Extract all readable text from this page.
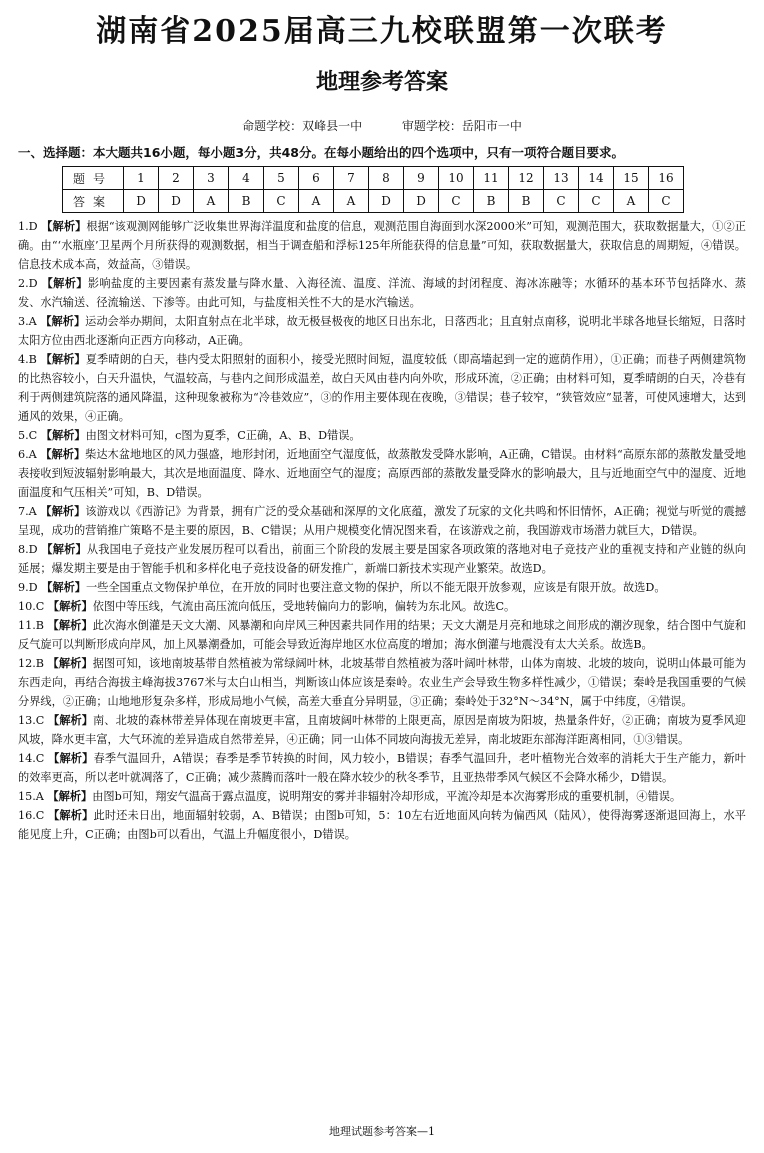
湖南省2025届高三九校联盟第一次联考
地理参考答案
命题学校：双峰县一中	审题学校：岳阳市一中
一、选择题：本大题共16小题，每小题3分，共48分。在每小题给出的四个选项中，只有一项符合题目要求。
题号	1	2	3	4	5	6	7	8	9	10	11	12	13	14	15	16
答案	D	D	A	B	C	A	A	D	D	C	B	B	C	C	A	C

1.D 【解析】根据“该观测网能够广泛收集世界海洋温度和盐度的信息，观测范围自海面到水深2000米”可知，观测范围大，获取数据量大，①②正确。由“‘水瓶座’卫星两个月所获得的观测数据，相当于调查船和浮标125年所能获得的信息量”可知，获取数据量大，获取信息的周期短，④错误。信息技术成本高，效益高，③错误。

2.D 【解析】影响盐度的主要因素有蒸发量与降水量、入海径流、温度、洋流、海域的封闭程度、海冰冻融等；水循环的基本环节包括降水、蒸发、水汽输送、径流输送、下渗等。由此可知，与盐度相关性不大的是水汽输送。

3.A 【解析】运动会举办期间，太阳直射点在北半球，故无极昼极夜的地区日出东北，日落西北；且直射点南移，说明北半球各地昼长缩短，日落时太阳方位由西北逐渐向正西方向移动，A正确。

4.B 【解析】夏季晴朗的白天，巷内受太阳照射的面积小，接受光照时间短，温度较低（即高墙起到一定的遮荫作用），①正确；而巷子两侧建筑物的比热容较小，白天升温快，气温较高，与巷内之间形成温差，故白天风由巷内向外吹，形成环流，②正确；由材料可知，夏季晴朗的白天，冷巷有利于两侧建筑院落的通风降温，这种现象被称为“冷巷效应”，③的作用主要体现在夜晚，③错误；巷子较窄，“狭管效应”显著，可使风速增大，达到通风的效果，④正确。

5.C 【解析】由图文材料可知，c图为夏季，C正确，A、B、D错误。

6.A 【解析】柴达木盆地地区的风力强盛，地形封闭，近地面空气湿度低，故蒸散发受降水影响，A正确，C错误。由材料“高原东部的蒸散发量受地表接收到短波辐射影响最大，其次是地面温度、降水、近地面空气的湿度；高原西部的蒸散发量受降水的影响最大，且与近地面空气中的湿度、近地面温度和气压相关”可知，B、D错误。

7.A 【解析】该游戏以《西游记》为背景，拥有广泛的受众基础和深厚的文化底蕴，激发了玩家的文化共鸣和怀旧情怀，A正确；视觉与听觉的震撼呈现，成功的营销推广策略不是主要的原因，B、C错误；从用户规模变化情况图来看，在该游戏之前，我国游戏市场潜力就巨大，D错误。

8.D 【解析】从我国电子竞技产业发展历程可以看出，前面三个阶段的发展主要是国家各项政策的落地对电子竞技产业的重视支持和产业链的纵向延展；爆发期主要是由于智能手机和多样化电子竞技设备的研发推广，新端口新技术实现产业繁荣。故选D。

9.D 【解析】一些全国重点文物保护单位，在开放的同时也要注意文物的保护，所以不能无限开放参观，应该是有限开放。故选D。

10.C 【解析】依图中等压线，气流由高压流向低压，受地转偏向力的影响，偏转为东北风。故选C。

11.B 【解析】此次海水倒灌是天文大潮、风暴潮和向岸风三种因素共同作用的结果；天文大潮是月亮和地球之间形成的潮汐现象，结合图中气旋和反气旋可以判断形成向岸风，加上风暴潮叠加，可能会导致近海岸地区水位高度的增加；海水倒灌与地震没有太大关系。故选B。

12.B 【解析】据图可知，该地南坡基带自然植被为常绿阔叶林，北坡基带自然植被为落叶阔叶林带，山体为南坡、北坡的坡向，说明山体最可能为东西走向，再结合海拔主峰海拔3767米与太白山相当，判断该山体应该是秦岭。农业生产会导致生物多样性减少，①错误；秦岭是我国重要的气候分界线，②正确；山地地形复杂多样，形成局地小气候，高差大垂直分异明显，③正确；秦岭处于32°N～34°N，属于中纬度，④错误。

13.C 【解析】南、北坡的森林带差异体现在南坡更丰富，且南坡阔叶林带的上限更高，原因是南坡为阳坡，热量条件好，②正确；南坡为夏季风迎风坡，降水更丰富，大气环流的差异造成自然带差异，④正确；同一山体不同坡向海拔无差异，南北坡距东部海洋距离相同，①③错误。

14.C 【解析】春季气温回升，A错误；春季是季节转换的时间，风力较小，B错误；春季气温回升，老叶植物光合效率的消耗大于生产能力，新叶的效率更高，所以老叶就凋落了，C正确；减少蒸腾而落叶一般在降水较少的秋冬季节，且亚热带季风气候区不会降水稀少，D错误。

15.A 【解析】由图b可知，翔安气温高于露点温度，说明翔安的雾并非辐射冷却形成，平流冷却是本次海雾形成的重要机制，④错误。

16.C 【解析】此时还未日出，地面辐射较弱，A、B错误；由图b可知，5：10左右近地面风向转为偏西风（陆风），使得海雾逐渐退回海上，水平能见度上升，C正确；由图b可以看出，气温上升幅度很小，D错误。

地理试题参考答案—1
